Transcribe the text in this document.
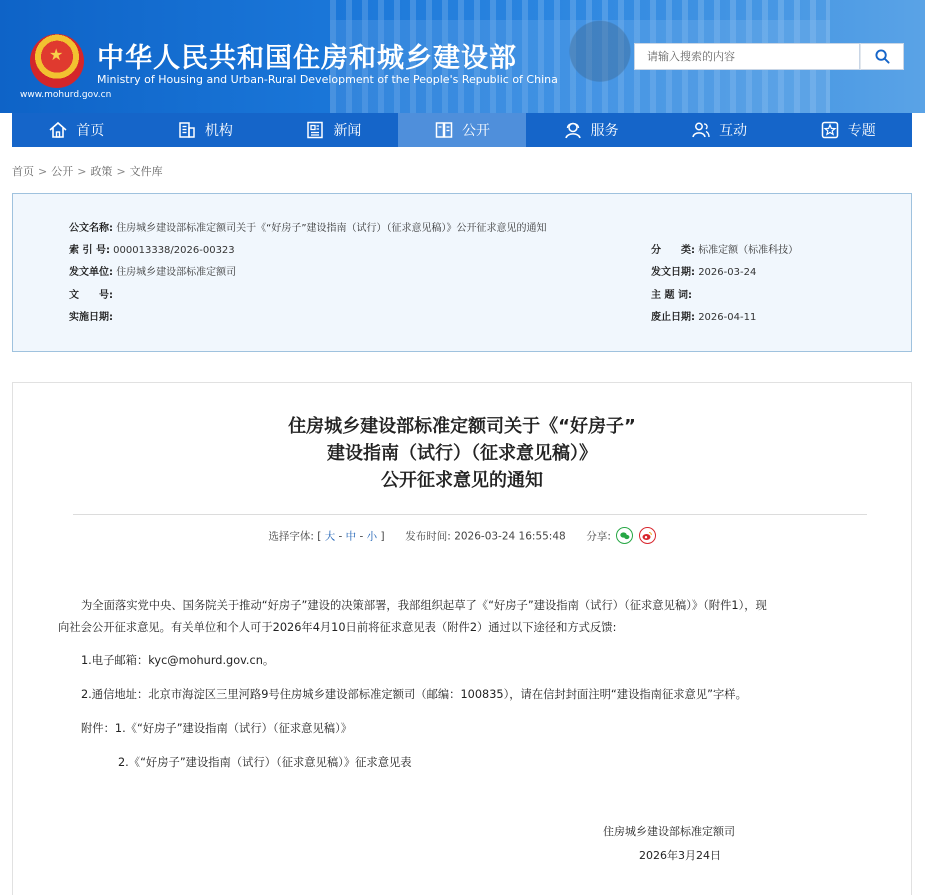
★
www.mohurd.gov.cn
中华人民共和国住房和城乡建设部
Ministry of Housing and Urban-Rural Development of the People's Republic of China
请输入搜索的内容
首页	机构	新闻	公开	服务	互动	专题
首页 > 公开 > 政策 > 文件库
公文名称: 住房城乡建设部标准定额司关于《“好房子”建设指南（试行）（征求意见稿）》公开征求意见的通知
索 引 号: 000013338/2026-00323	分　　类: 标准定额（标准科技）
发文单位: 住房城乡建设部标准定额司	发文日期: 2026-03-24
文　　号:	主 题 词:
实施日期:	废止日期: 2026-04-11
住房城乡建设部标准定额司关于《“好房子”
建设指南（试行）（征求意见稿）》
公开征求意见的通知
选择字体: [ 大 - 中 - 小 ] 发布时间: 2026-03-24 16:55:48 分享:

为全面落实党中央、国务院关于推动“好房子”建设的决策部署，我部组织起草了《“好房子”建设指南（试行）（征求意见稿）》（附件1），现
向社会公开征求意见。有关单位和个人可于2026年4月10日前将征求意见表（附件2）通过以下途径和方式反馈:
1.电子邮箱：kyc@mohurd.gov.cn。
2.通信地址：北京市海淀区三里河路9号住房城乡建设部标准定额司（邮编：100835），请在信封封面注明“建设指南征求意见”字样。
附件：1.《“好房子”建设指南（试行）（征求意见稿）》
2.《“好房子”建设指南（试行）（征求意见稿）》征求意见表
住房城乡建设部标准定额司
2026年3月24日
